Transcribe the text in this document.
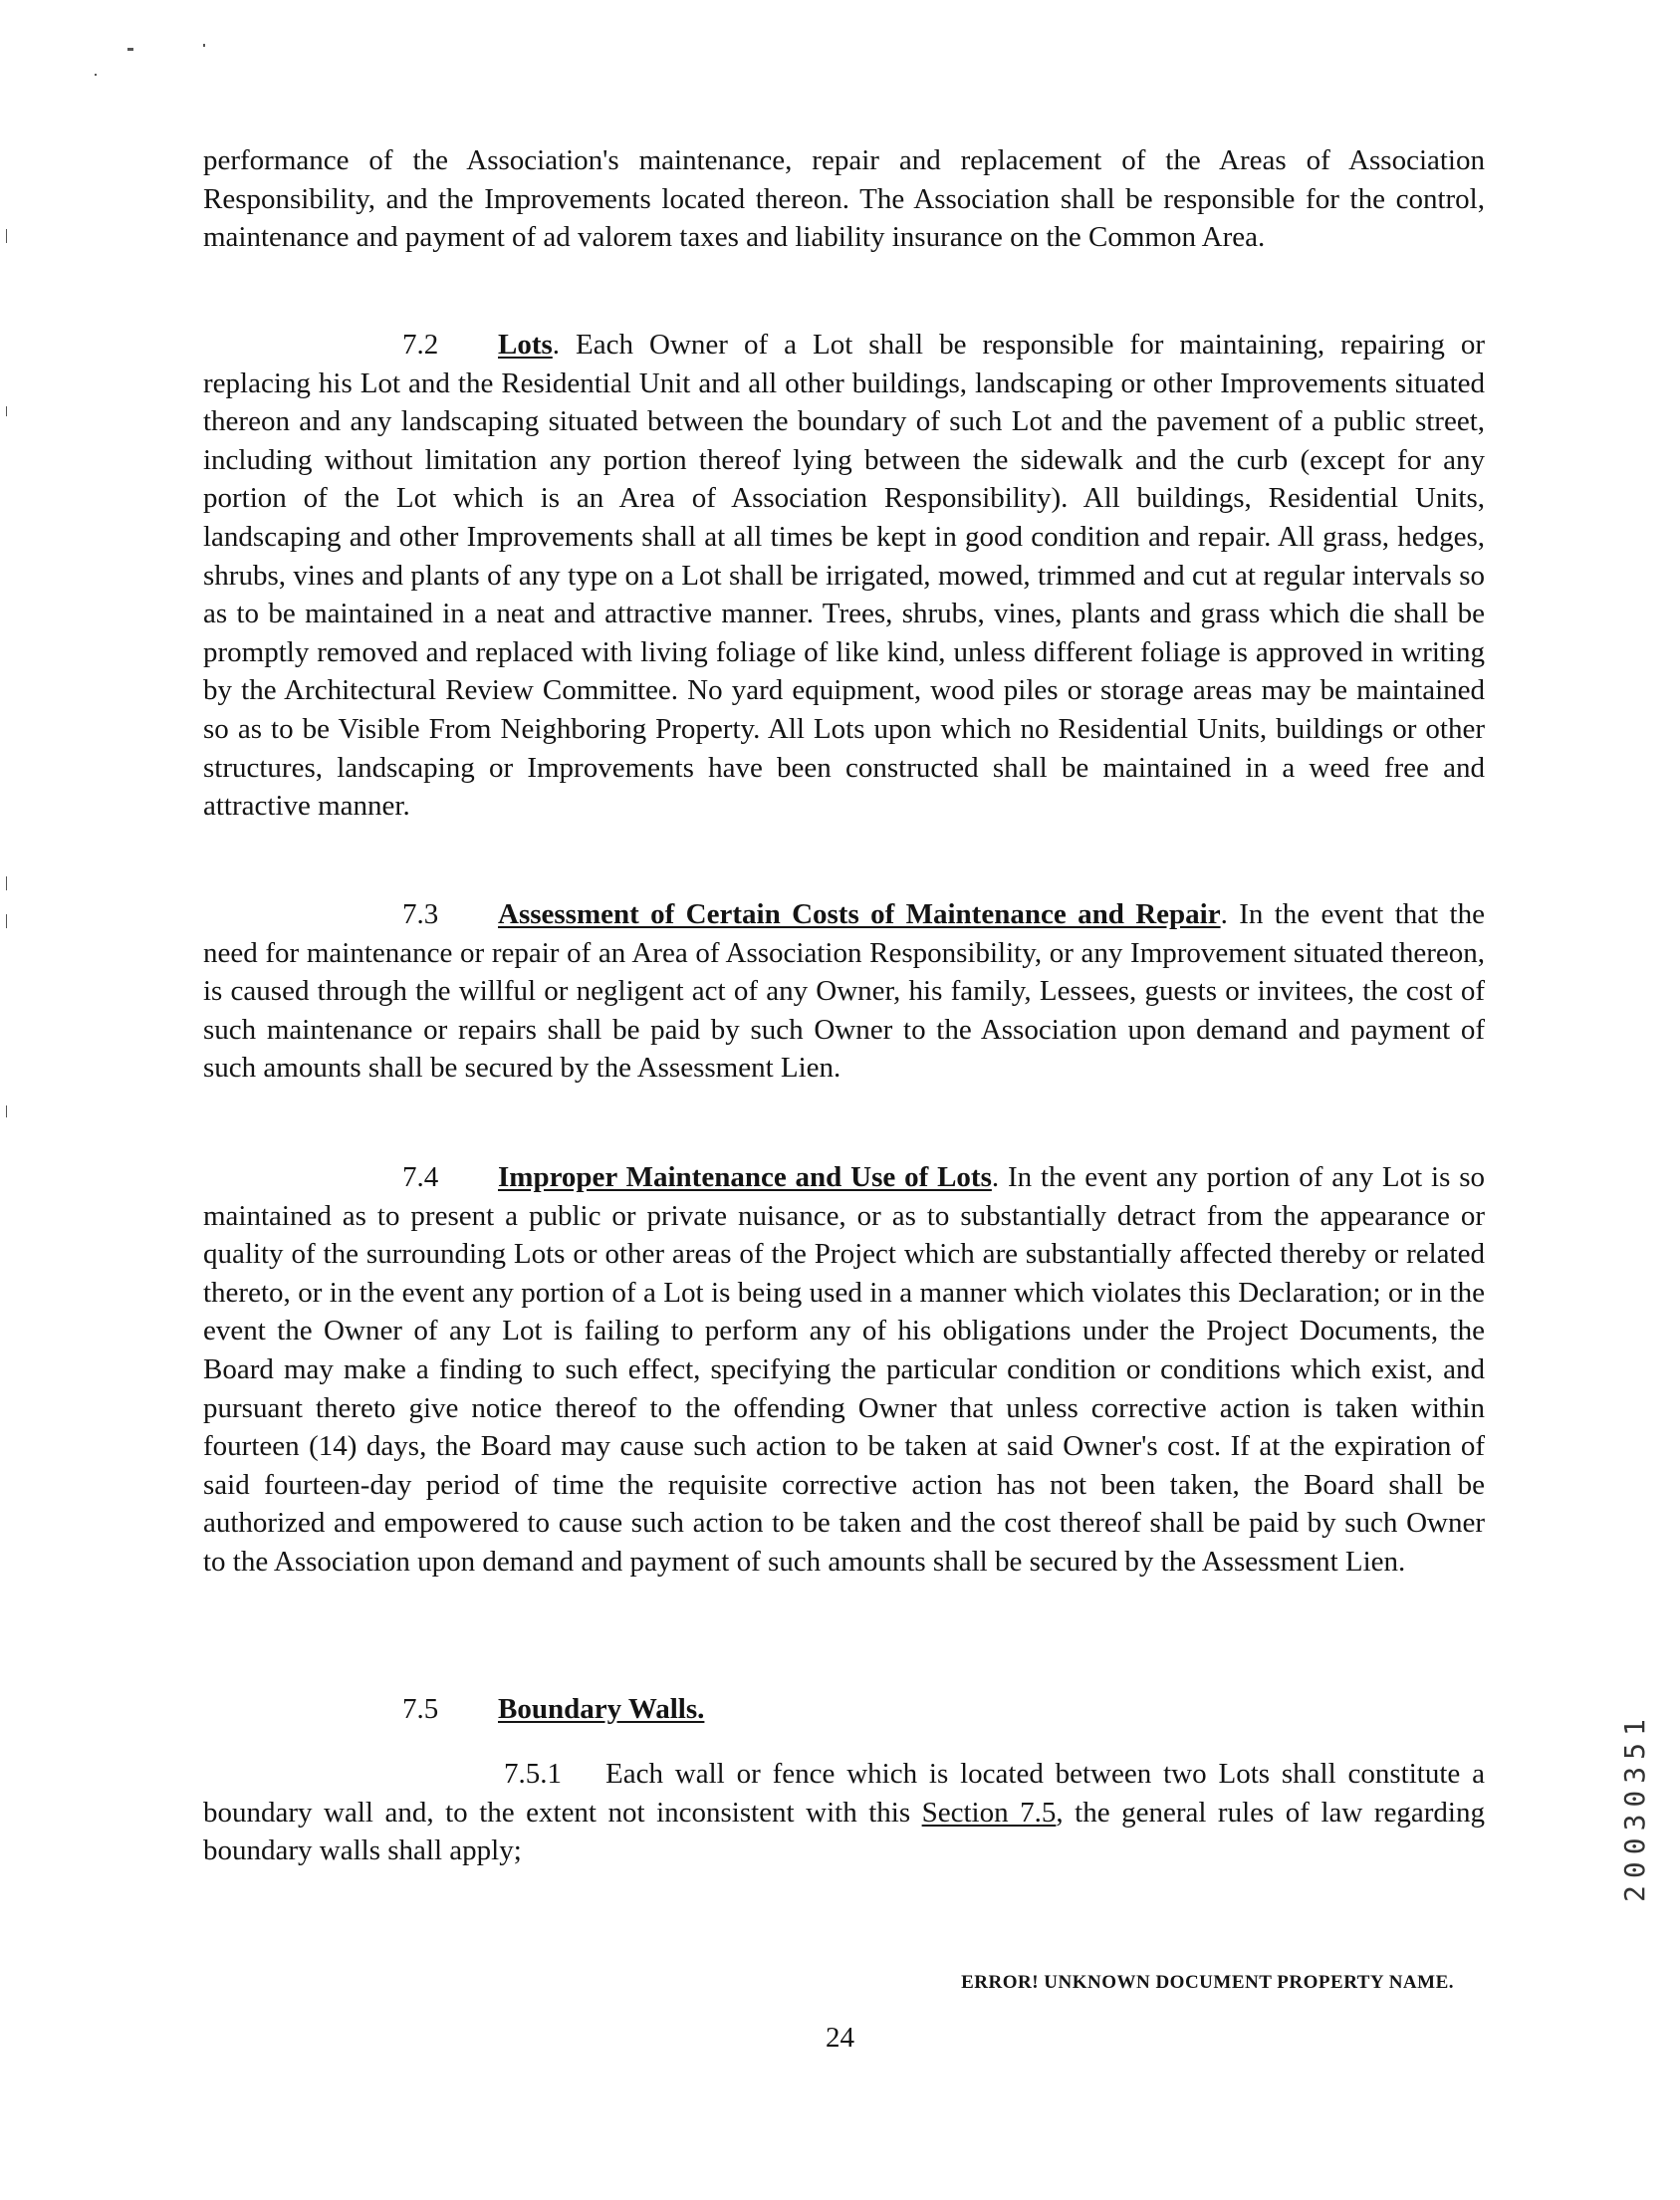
performance of the Association's maintenance, repair and replacement of the Areas of Association Responsibility, and the Improvements located thereon. The Association shall be responsible for the control, maintenance and payment of ad valorem taxes and liability insurance on the Common Area.

7.2 Lots. Each Owner of a Lot shall be responsible for maintaining, repairing or replacing his Lot and the Residential Unit and all other buildings, landscaping or other Improvements situated thereon and any landscaping situated between the boundary of such Lot and the pavement of a public street, including without limitation any portion thereof lying between the sidewalk and the curb (except for any portion of the Lot which is an Area of Association Responsibility). All buildings, Residential Units, landscaping and other Improvements shall at all times be kept in good condition and repair. All grass, hedges, shrubs, vines and plants of any type on a Lot shall be irrigated, mowed, trimmed and cut at regular intervals so as to be maintained in a neat and attractive manner. Trees, shrubs, vines, plants and grass which die shall be promptly removed and replaced with living foliage of like kind, unless different foliage is approved in writing by the Architectural Review Committee. No yard equipment, wood piles or storage areas may be maintained so as to be Visible From Neighboring Property. All Lots upon which no Residential Units, buildings or other structures, landscaping or Improvements have been constructed shall be maintained in a weed free and attractive manner.

7.3 Assessment of Certain Costs of Maintenance and Repair. In the event that the need for maintenance or repair of an Area of Association Responsibility, or any Improvement situated thereon, is caused through the willful or negligent act of any Owner, his family, Lessees, guests or invitees, the cost of such maintenance or repairs shall be paid by such Owner to the Association upon demand and payment of such amounts shall be secured by the Assessment Lien.

7.4 Improper Maintenance and Use of Lots. In the event any portion of any Lot is so maintained as to present a public or private nuisance, or as to substantially detract from the appearance or quality of the surrounding Lots or other areas of the Project which are substantially affected thereby or related thereto, or in the event any portion of a Lot is being used in a manner which violates this Declaration; or in the event the Owner of any Lot is failing to perform any of his obligations under the Project Documents, the Board may make a finding to such effect, specifying the particular condition or conditions which exist, and pursuant thereto give notice thereof to the offending Owner that unless corrective action is taken within fourteen (14) days, the Board may cause such action to be taken at said Owner's cost. If at the expiration of said fourteen-day period of time the requisite corrective action has not been taken, the Board shall be authorized and empowered to cause such action to be taken and the cost thereof shall be paid by such Owner to the Association upon demand and payment of such amounts shall be secured by the Assessment Lien.

7.5 Boundary Walls.

7.5.1 Each wall or fence which is located between two Lots shall constitute a boundary wall and, to the extent not inconsistent with this Section 7.5, the general rules of law regarding boundary walls shall apply;	20030351
ERROR! UNKNOWN DOCUMENT PROPERTY NAME.
24
